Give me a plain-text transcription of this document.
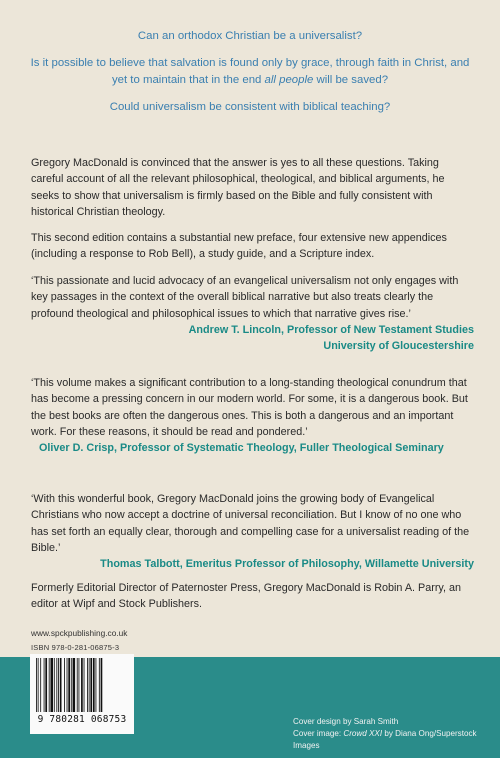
Can an orthodox Christian be a universalist?

Is it possible to believe that salvation is found only by grace, through faith in Christ, and yet to maintain that in the end all people will be saved?

Could universalism be consistent with biblical teaching?

Gregory MacDonald is convinced that the answer is yes to all these questions. Taking careful account of all the relevant philosophical, theological, and biblical arguments, he seeks to show that universalism is firmly based on the Bible and fully consistent with historical Christian theology.

This second edition contains a substantial new preface, four extensive new appendices (including a response to Rob Bell), a study guide, and a Scripture index.

‘This passionate and lucid advocacy of an evangelical universalism not only engages with key passages in the context of the overall biblical narrative but also treats clearly the profound theological and philosophical issues to which that narrative gives rise.’

Andrew T. Lincoln, Professor of New Testament Studies
University of Gloucestershire

‘This volume makes a significant contribution to a long-standing theological conundrum that has become a pressing concern in our modern world. For some, it is a dangerous book. But the best books are often the dangerous ones. This is both a dangerous and an important work. For these reasons, it should be read and pondered.’

Oliver D. Crisp, Professor of Systematic Theology, Fuller Theological Seminary

‘With this wonderful book, Gregory MacDonald joins the growing body of Evangelical Christians who now accept a doctrine of universal reconciliation. But I know of no one who has set forth an equally clear, thorough and compelling case for a universalist reading of the Bible.’

Thomas Talbott, Emeritus Professor of Philosophy, Willamette University
Formerly Editorial Director of Paternoster Press, Gregory MacDonald is Robin A. Parry, an editor at Wipf and Stock Publishers.
www.spckpublishing.co.uk
9 780281 068753
ISBN 978-0-281-06875-3
Cover design by Sarah Smith
Cover image: Crowd XXI by Diana Ong/Superstock Images
